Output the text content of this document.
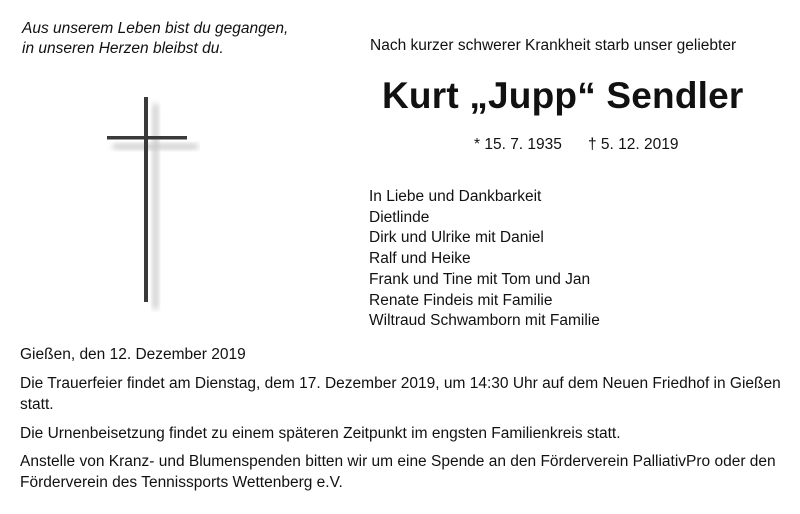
Aus unserem Leben bist du gegangen,
in unseren Herzen bleibst du.	Nach kurzer schwerer Krankheit starb unser geliebter
Kurt „Jupp“ Sendler
* 15. 7. 1935 † 5. 12. 2019
In Liebe und Dankbarkeit
Dietlinde
Dirk und Ulrike mit Daniel
Ralf und Heike
Frank und Tine mit Tom und Jan
Renate Findeis mit Familie
Wiltraud Schwamborn mit Familie
Gießen, den 12. Dezember 2019
Die Trauerfeier findet am Dienstag, dem 17. Dezember 2019, um 14:30 Uhr auf dem Neuen Friedhof in Gießen statt.
Die Urnenbeisetzung findet zu einem späteren Zeitpunkt im engsten Familienkreis statt.
Anstelle von Kranz- und Blumenspenden bitten wir um eine Spende an den Förderverein PalliativPro oder den Förderverein des Tennissports Wettenberg e.V.
